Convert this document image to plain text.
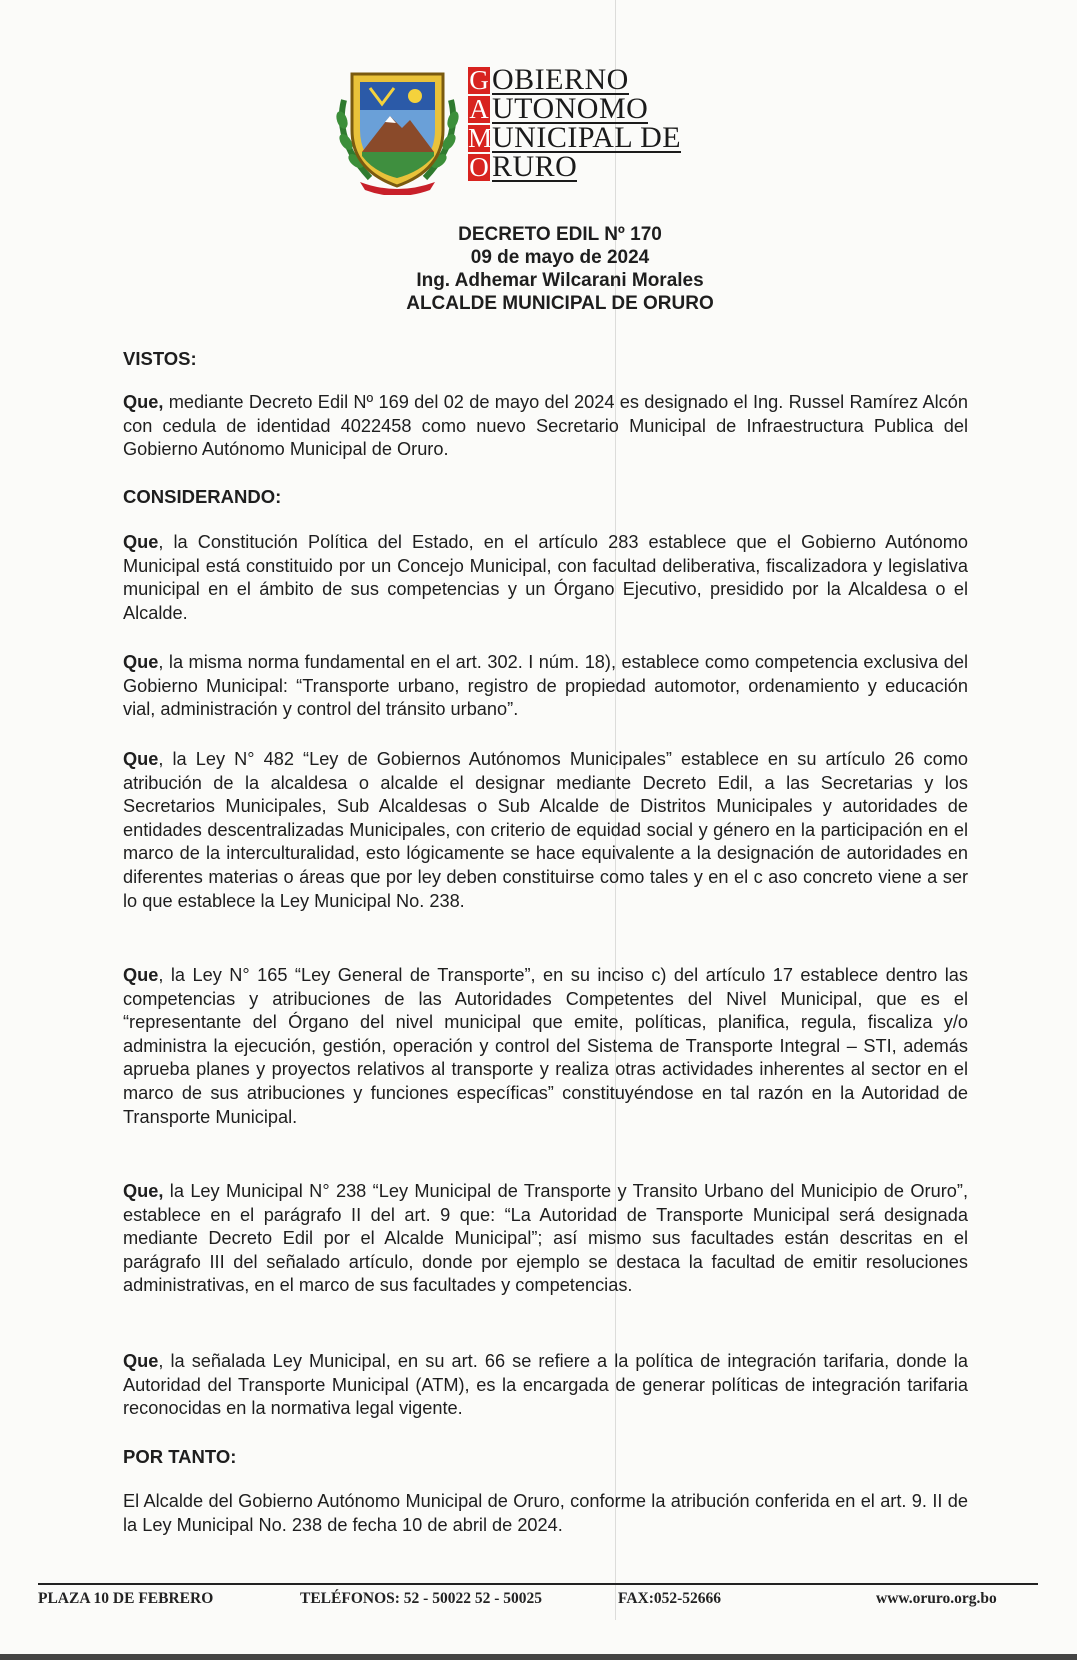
G OBIERNO
A UTONOMO
M UNICIPAL DE
O RURO
DECRETO EDIL Nº 170
09 de mayo de 2024
Ing. Adhemar Wilcarani Morales
ALCALDE MUNICIPAL DE ORURO
VISTOS:
Que, mediante Decreto Edil Nº 169 del 02 de mayo del 2024 es designado el Ing. Russel Ramírez Alcón con cedula de identidad 4022458 como nuevo Secretario Municipal de Infraestructura Publica del Gobierno Autónomo Municipal de Oruro.
CONSIDERANDO:
Que, la Constitución Política del Estado, en el artículo 283 establece que el Gobierno Autónomo Municipal está constituido por un Concejo Municipal, con facultad deliberativa, fiscalizadora y legislativa municipal en el ámbito de sus competencias y un Órgano Ejecutivo, presidido por la Alcaldesa o el Alcalde.
Que, la misma norma fundamental en el art. 302. I núm. 18), establece como competencia exclusiva del Gobierno Municipal: “Transporte urbano, registro de propiedad automotor, ordenamiento y educación vial, administración y control del tránsito urbano”.
Que, la Ley N° 482 “Ley de Gobiernos Autónomos Municipales” establece en su artículo 26 como atribución de la alcaldesa o alcalde el designar mediante Decreto Edil, a las Secretarias y los Secretarios Municipales, Sub Alcaldesas o Sub Alcalde de Distritos Municipales y autoridades de entidades descentralizadas Municipales, con criterio de equidad social y género en la participación en el marco de la interculturalidad, esto lógicamente se hace equivalente a la designación de autoridades en diferentes materias o áreas que por ley deben constituirse como tales y en el c aso concreto viene a ser lo que establece la Ley Municipal No. 238.
Que, la Ley N° 165 “Ley General de Transporte”, en su inciso c) del artículo 17 establece dentro las competencias y atribuciones de las Autoridades Competentes del Nivel Municipal, que es el “representante del Órgano del nivel municipal que emite, políticas, planifica, regula, fiscaliza y/o administra la ejecución, gestión, operación y control del Sistema de Transporte Integral – STI, además aprueba planes y proyectos relativos al transporte y realiza otras actividades inherentes al sector en el marco de sus atribuciones y funciones específicas” constituyéndose en tal razón en la Autoridad de Transporte Municipal.
Que, la Ley Municipal N° 238 “Ley Municipal de Transporte y Transito Urbano del Municipio de Oruro”, establece en el parágrafo II del art. 9 que: “La Autoridad de Transporte Municipal será designada mediante Decreto Edil por el Alcalde Municipal”; así mismo sus facultades están descritas en el parágrafo III del señalado artículo, donde por ejemplo se destaca la facultad de emitir resoluciones administrativas, en el marco de sus facultades y competencias.
Que, la señalada Ley Municipal, en su art. 66 se refiere a la política de integración tarifaria, donde la Autoridad del Transporte Municipal (ATM), es la encargada de generar políticas de integración tarifaria reconocidas en la normativa legal vigente.
POR TANTO:
El Alcalde del Gobierno Autónomo Municipal de Oruro, conforme la atribución conferida en el art. 9. II de la Ley Municipal No. 238 de fecha 10 de abril de 2024.
PLAZA 10 DE FEBRERO	TELÉFONOS: 52 - 50022 52 - 50025	FAX:052-52666	www.oruro.org.bo
